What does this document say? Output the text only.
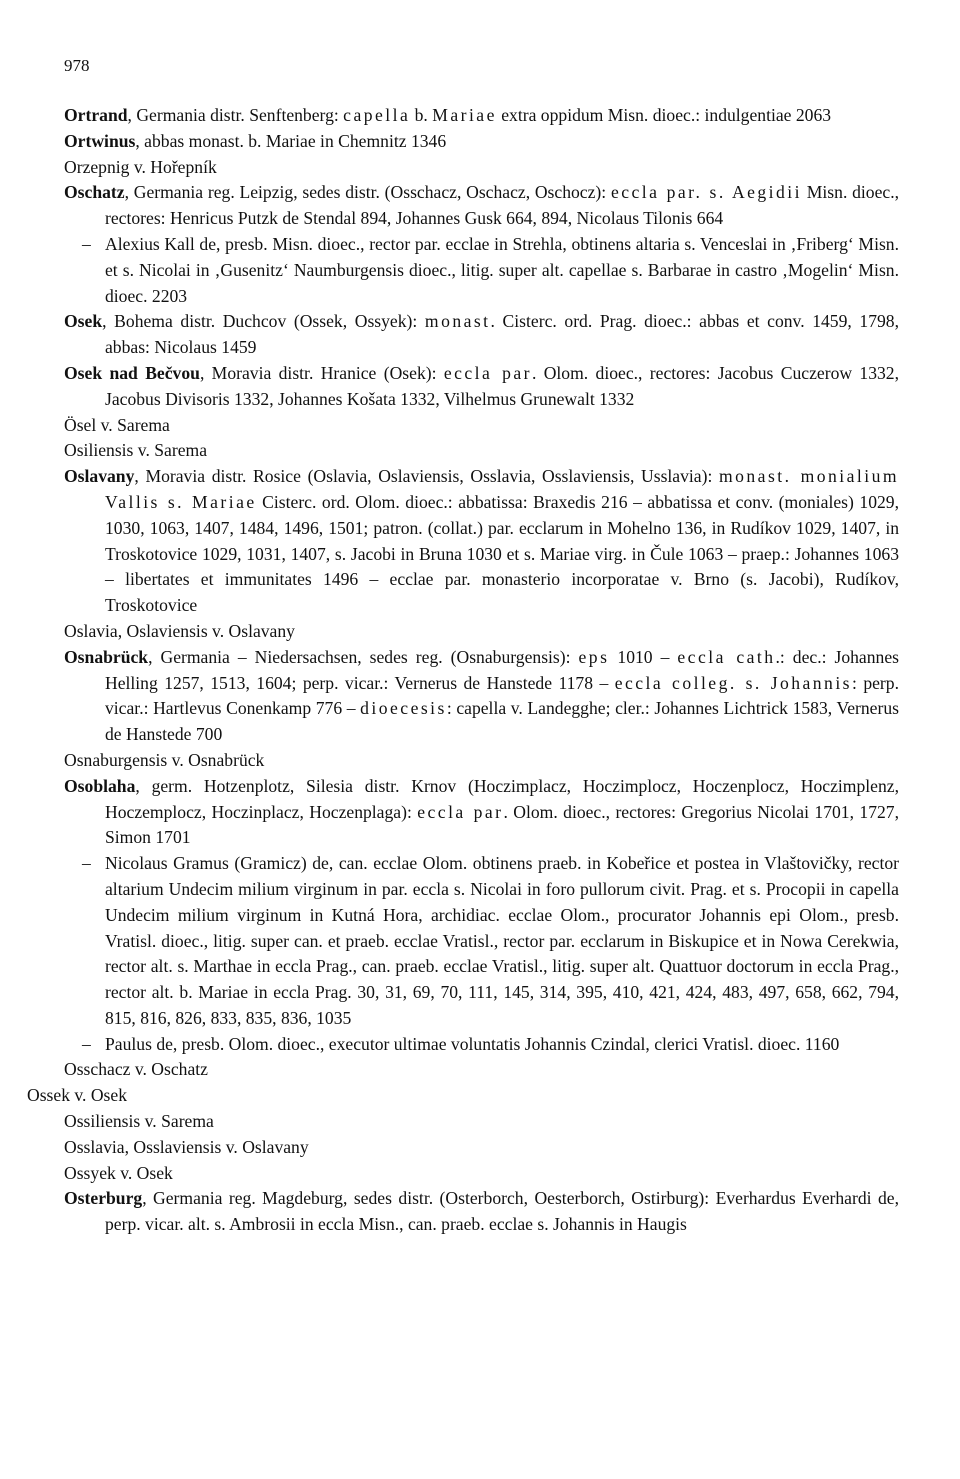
978

Ortrand, Germania distr. Senftenberg: capella b. Mariae extra oppidum Misn. dioec.: indulgentiae 2063

Ortwinus, abbas monast. b. Mariae in Chemnitz 1346

Orzepnig v. Hořepník

Oschatz, Germania reg. Leipzig, sedes distr. (Osschacz, Oschacz, Oschocz): eccla par. s. Aegidii Misn. dioec., rectores: Henricus Putzk de Stendal 894, Johannes Gusk 664, 894, Nicolaus Tilonis 664

– Alexius Kall de, presb. Misn. dioec., rector par. ecclae in Strehla, obtinens altaria s. Venceslai in ‚Friberg‘ Misn. et s. Nicolai in ‚Gusenitz‘ Naumburgensis dioec., litig. super alt. capellae s. Barbarae in castro ‚Mogelin‘ Misn. dioec. 2203

Osek, Bohema distr. Duchcov (Ossek, Ossyek): monast. Cisterc. ord. Prag. dioec.: abbas et conv. 1459, 1798, abbas: Nicolaus 1459

Osek nad Bečvou, Moravia distr. Hranice (Osek): eccla par. Olom. dioec., rectores: Jacobus Cuczerow 1332, Jacobus Divisoris 1332, Johannes Košata 1332, Vilhelmus Grunewalt 1332

Ösel v. Sarema

Osiliensis v. Sarema

Oslavany, Moravia distr. Rosice (Oslavia, Oslaviensis, Osslavia, Osslaviensis, Usslavia): monast. monialium Vallis s. Mariae Cisterc. ord. Olom. dioec.: abbatissa: Braxedis 216 – abbatissa et conv. (moniales) 1029, 1030, 1063, 1407, 1484, 1496, 1501; patron. (collat.) par. ecclarum in Mohelno 136, in Rudíkov 1029, 1407, in Troskotovice 1029, 1031, 1407, s. Jacobi in Bruna 1030 et s. Mariae virg. in Čule 1063 – praep.: Johannes 1063 – libertates et immunitates 1496 – ecclae par. monasterio incorporatae v. Brno (s. Jacobi), Rudíkov, Troskotovice

Oslavia, Oslaviensis v. Oslavany

Osnabrück, Germania – Niedersachsen, sedes reg. (Osnaburgensis): eps 1010 – eccla cath.: dec.: Johannes Helling 1257, 1513, 1604; perp. vicar.: Vernerus de Hanstede 1178 – eccla colleg. s. Johannis: perp. vicar.: Hartlevus Conenkamp 776 – dioecesis: capella v. Landegghe; cler.: Johannes Lichtrick 1583, Vernerus de Hanstede 700

Osnaburgensis v. Osnabrück

Osoblaha, germ. Hotzenplotz, Silesia distr. Krnov (Hoczimplacz, Hoczimplocz, Hoczenplocz, Hoczimplenz, Hoczemplocz, Hoczinplacz, Hoczenplaga): eccla par. Olom. dioec., rectores: Gregorius Nicolai 1701, 1727, Simon 1701

– Nicolaus Gramus (Gramicz) de, can. ecclae Olom. obtinens praeb. in Kobeřice et postea in Vlaštovičky, rector altarium Undecim milium virginum in par. eccla s. Nicolai in foro pullorum civit. Prag. et s. Procopii in capella Undecim milium virginum in Kutná Hora, archidiac. ecclae Olom., procurator Johannis epi Olom., presb. Vratisl. dioec., litig. super can. et praeb. ecclae Vratisl., rector par. ecclarum in Biskupice et in Nowa Cerekwia, rector alt. s. Marthae in eccla Prag., can. praeb. ecclae Vratisl., litig. super alt. Quattuor doctorum in eccla Prag., rector alt. b. Mariae in eccla Prag. 30, 31, 69, 70, 111, 145, 314, 395, 410, 421, 424, 483, 497, 658, 662, 794, 815, 816, 826, 833, 835, 836, 1035

– Paulus de, presb. Olom. dioec., executor ultimae voluntatis Johannis Czindal, clerici Vratisl. dioec. 1160

Osschacz v. Oschatz

Ossek v. Osek

Ossiliensis v. Sarema

Osslavia, Osslaviensis v. Oslavany

Ossyek v. Osek

Osterburg, Germania reg. Magdeburg, sedes distr. (Osterborch, Oesterborch, Ostirburg): Everhardus Everhardi de, perp. vicar. alt. s. Ambrosii in eccla Misn., can. praeb. ecclae s. Johannis in Haugis
